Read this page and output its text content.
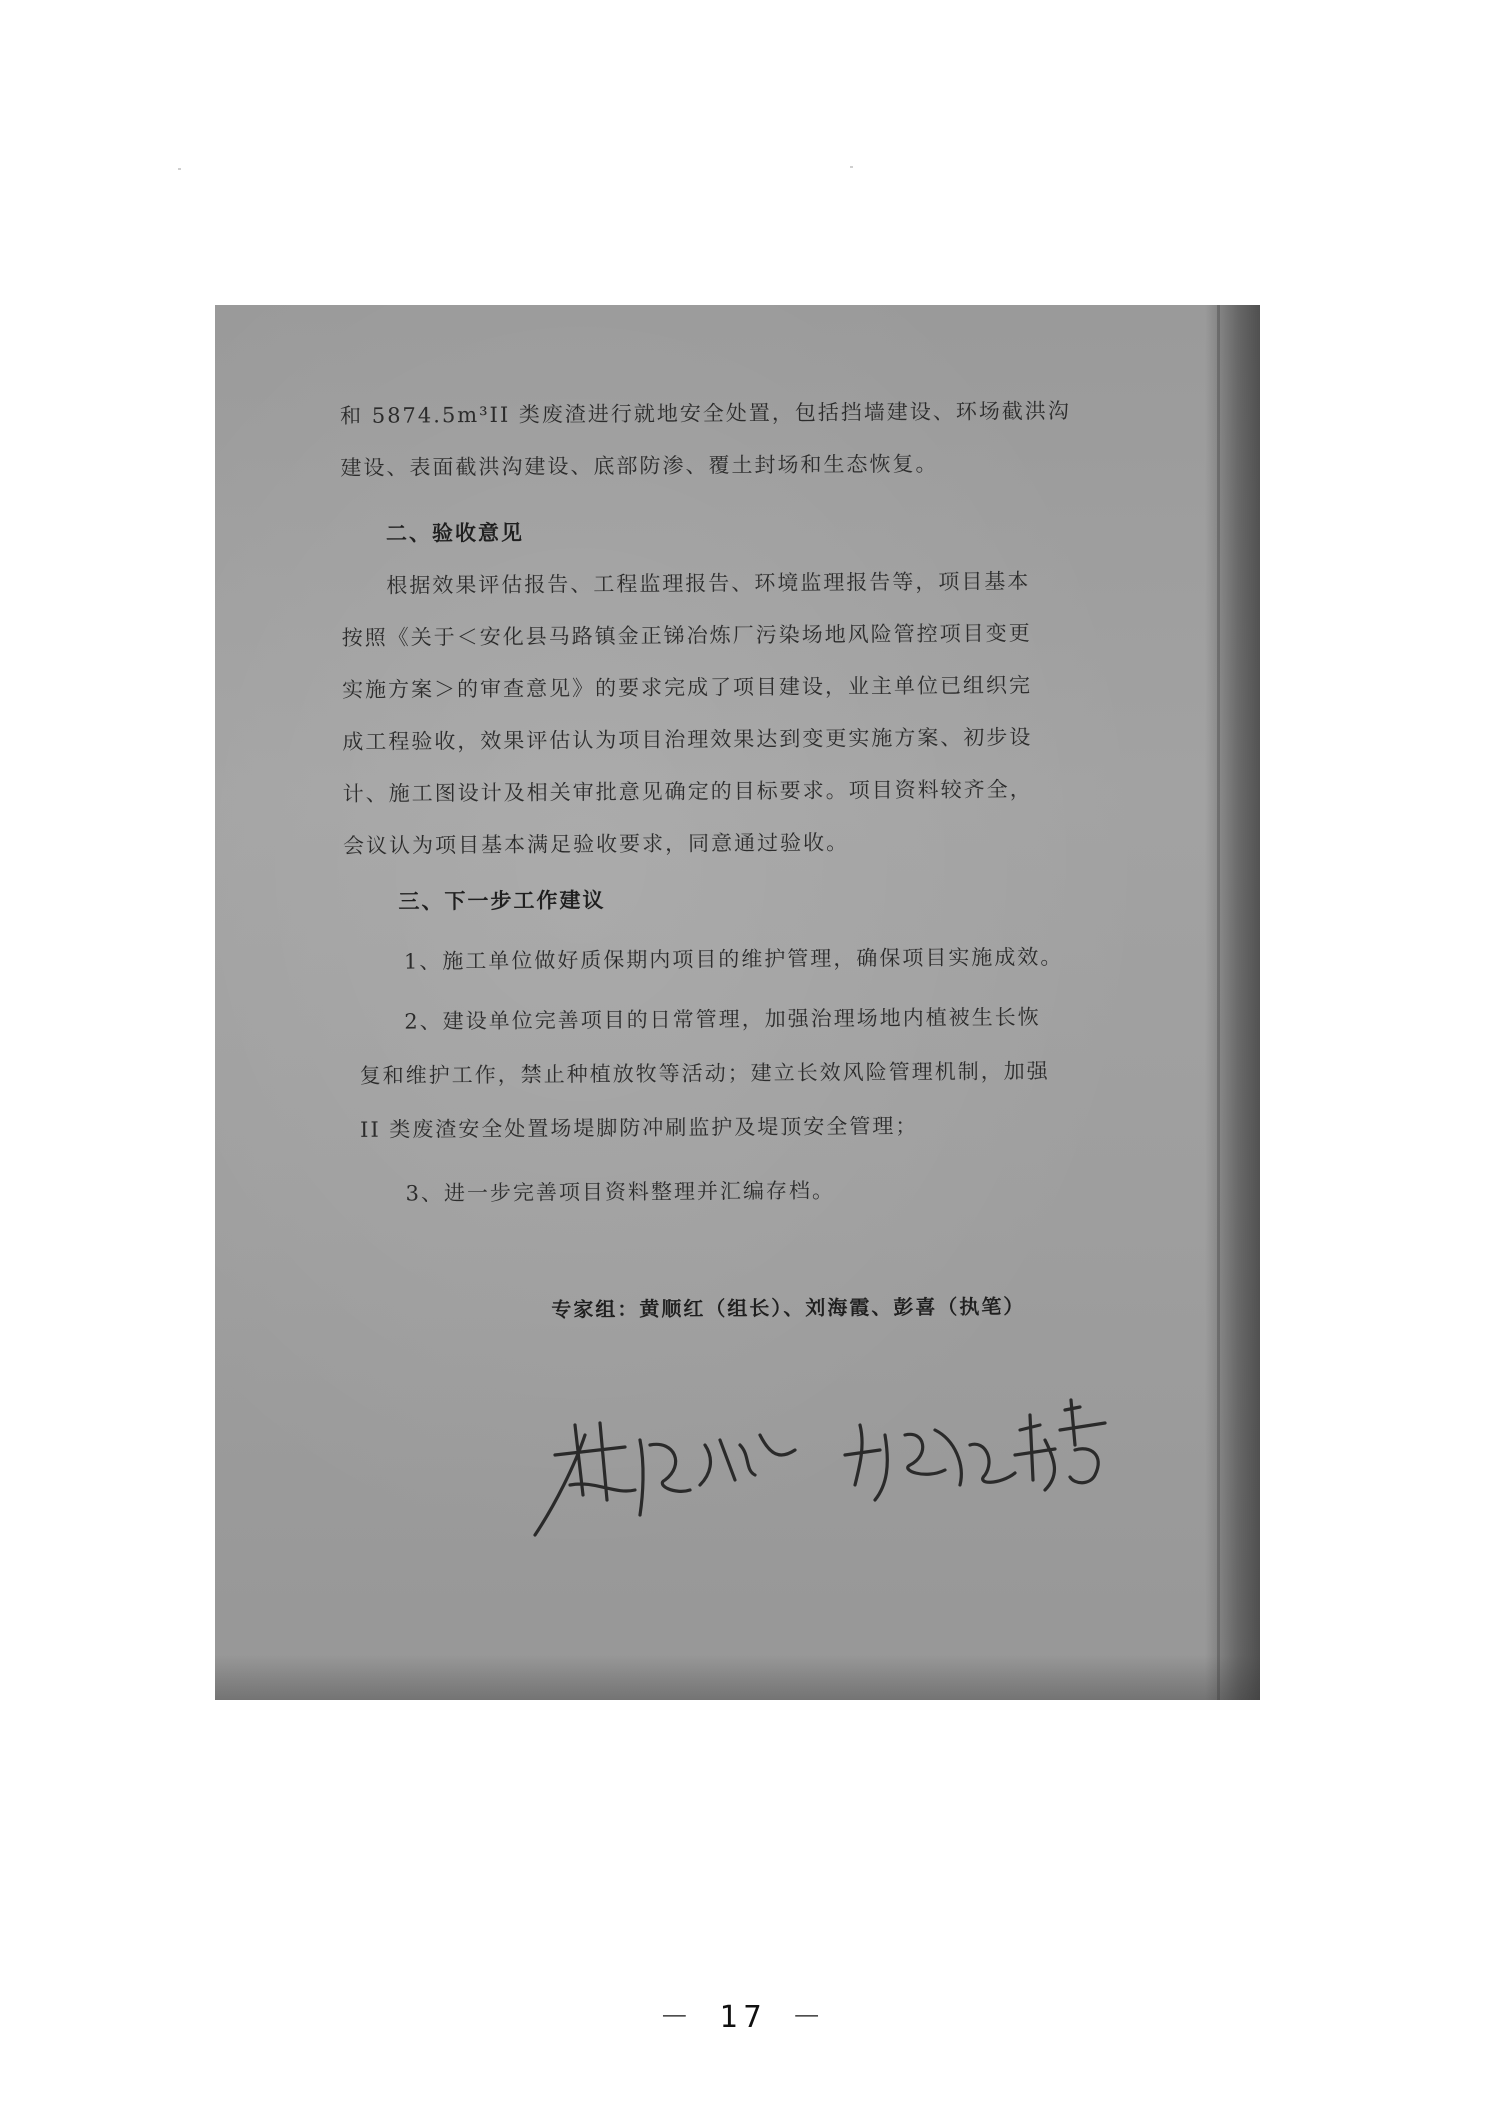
和 5874.5m³II 类废渣进行就地安全处置，包括挡墙建设、环场截洪沟
建设、表面截洪沟建设、底部防渗、覆土封场和生态恢复。
二、验收意见
根据效果评估报告、工程监理报告、环境监理报告等，项目基本
按照《关于＜安化县马路镇金正锑冶炼厂污染场地风险管控项目变更
实施方案＞的审查意见》的要求完成了项目建设，业主单位已组织完
成工程验收，效果评估认为项目治理效果达到变更实施方案、初步设
计、施工图设计及相关审批意见确定的目标要求。项目资料较齐全，
会议认为项目基本满足验收要求，同意通过验收。
三、下一步工作建议
1、施工单位做好质保期内项目的维护管理，确保项目实施成效。
2、建设单位完善项目的日常管理，加强治理场地内植被生长恢
复和维护工作，禁止种植放牧等活动；建立长效风险管理机制，加强
II 类废渣安全处置场堤脚防冲刷监护及堤顶安全管理；
3、进一步完善项目资料整理并汇编存档。
专家组：黄顺红（组长）、刘海霞、彭喜（执笔）
－ 17 －
